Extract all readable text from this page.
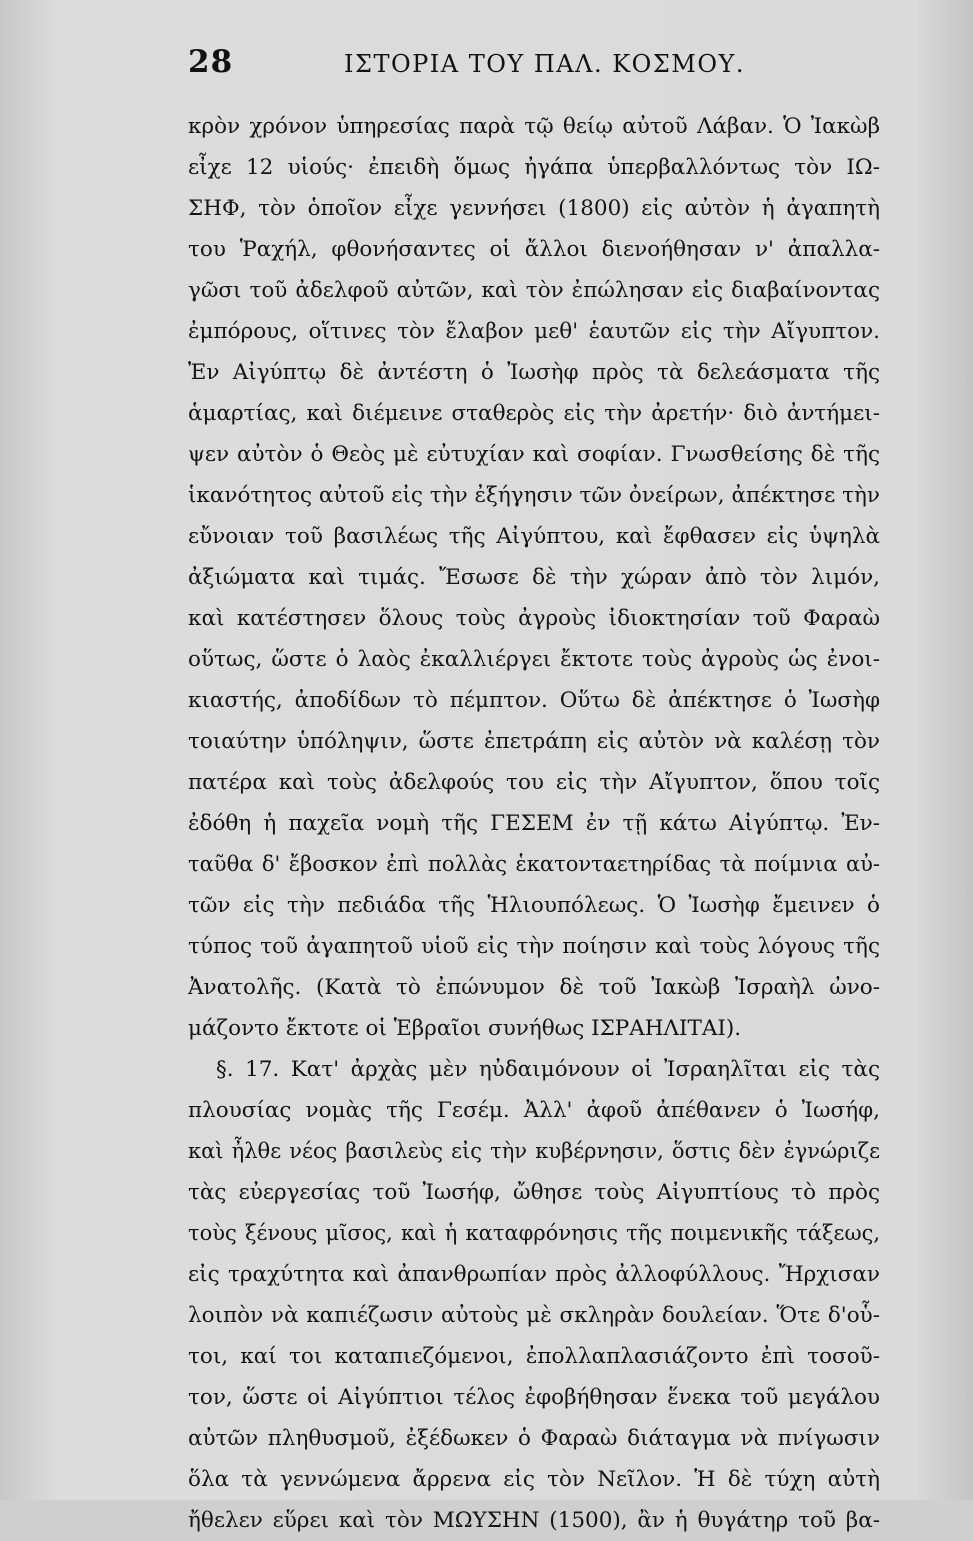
28	ΙΣΤΟΡΙΑ ΤΟΥ ΠΑΛ. ΚΟΣΜΟΥ.
κρὸν χρόνον ὑπηρεσίας παρὰ τῷ θείῳ αὐτοῦ Λάβαν. Ὁ Ἰακὼβ
εἶχε 12 υἱούς· ἐπειδὴ ὅμως ἠγάπα ὑπερβαλλόντως τὸν ΙΩ-
ΣΗΦ, τὸν ὁποῖον εἶχε γεννήσει (1800) εἰς αὐτὸν ἡ ἀγαπητὴ
του Ῥαχήλ, φθονήσαντες οἱ ἄλλοι διενοήθησαν ν' ἀπαλλα-
γῶσι τοῦ ἀδελφοῦ αὐτῶν, καὶ τὸν ἐπώλησαν εἰς διαβαίνοντας
ἐμπόρους, οἵτινες τὸν ἔλαβον μεθ' ἑαυτῶν εἰς τὴν Αἴγυπτον.
Ἐν Αἰγύπτῳ δὲ ἀντέστη ὁ Ἰωσὴφ πρὸς τὰ δελεάσματα τῆς
ἁμαρτίας, καὶ διέμεινε σταθερὸς εἰς τὴν ἀρετήν· διὸ ἀντήμει-
ψεν αὐτὸν ὁ Θεὸς μὲ εὐτυχίαν καὶ σοφίαν. Γνωσθείσης δὲ τῆς
ἱκανότητος αὐτοῦ εἰς τὴν ἐξήγησιν τῶν ὀνείρων, ἀπέκτησε τὴν
εὔνοιαν τοῦ βασιλέως τῆς Αἰγύπτου, καὶ ἔφθασεν εἰς ὑψηλὰ
ἀξιώματα καὶ τιμάς. Ἔσωσε δὲ τὴν χώραν ἀπὸ τὸν λιμόν,
καὶ κατέστησεν ὅλους τοὺς ἀγροὺς ἰδιοκτησίαν τοῦ Φαραὼ
οὕτως, ὥστε ὁ λαὸς ἐκαλλιέργει ἔκτοτε τοὺς ἀγροὺς ὡς ἐνοι-
κιαστής, ἀποδίδων τὸ πέμπτον. Οὕτω δὲ ἀπέκτησε ὁ Ἰωσὴφ
τοιαύτην ὑπόληψιν, ὥστε ἐπετράπη εἰς αὐτὸν νὰ καλέσῃ τὸν
πατέρα καὶ τοὺς ἀδελφούς του εἰς τὴν Αἴγυπτον, ὅπου τοῖς
ἐδόθη ἡ παχεῖα νομὴ τῆς ΓΕΣΕΜ ἐν τῇ κάτω Αἰγύπτῳ. Ἐν-
ταῦθα δ' ἔβοσκον ἐπὶ πολλὰς ἑκατονταετηρίδας τὰ ποίμνια αὐ-
τῶν εἰς τὴν πεδιάδα τῆς Ἡλιουπόλεως. Ὁ Ἰωσὴφ ἔμεινεν ὁ
τύπος τοῦ ἀγαπητοῦ υἱοῦ εἰς τὴν ποίησιν καὶ τοὺς λόγους τῆς
Ἀνατολῆς. (Κατὰ τὸ ἐπώνυμον δὲ τοῦ Ἰακὼβ Ἰσραὴλ ὠνο-
μάζοντο ἔκτοτε οἱ Ἑβραῖοι συνήθως ΙΣΡΑΗΛΙΤΑΙ).
§. 17. Κατ' ἀρχὰς μὲν ηὐδαιμόνουν οἱ Ἰσραηλῖται εἰς τὰς
πλουσίας νομὰς τῆς Γεσέμ. Ἀλλ' ἀφοῦ ἀπέθανεν ὁ Ἰωσήφ,
καὶ ἦλθε νέος βασιλεὺς εἰς τὴν κυβέρνησιν, ὅστις δὲν ἐγνώριζε
τὰς εὐεργεσίας τοῦ Ἰωσήφ, ὤθησε τοὺς Αἰγυπτίους τὸ πρὸς
τοὺς ξένους μῖσος, καὶ ἡ καταφρόνησις τῆς ποιμενικῆς τάξεως,
εἰς τραχύτητα καὶ ἀπανθρωπίαν πρὸς ἀλλοφύλλους. Ἤρχισαν
λοιπὸν νὰ καπιέζωσιν αὐτοὺς μὲ σκληρὰν δουλείαν. Ὅτε δ'οὗ-
τοι, καί τοι καταπιεζόμενοι, ἐπολλαπλασιάζοντο ἐπὶ τοσοῦ-
τον, ὥστε οἱ Αἰγύπτιοι τέλος ἐφοβήθησαν ἕνεκα τοῦ μεγάλου
αὐτῶν πληθυσμοῦ, ἐξέδωκεν ὁ Φαραὼ διάταγμα νὰ πνίγωσιν
ὅλα τὰ γεννώμενα ἄρρενα εἰς τὸν Νεῖλον. Ἡ δὲ τύχη αὐτὴ
ἤθελεν εὕρει καὶ τὸν ΜΩΥΣΗΝ (1500), ἂν ἡ θυγάτηρ τοῦ βα-
